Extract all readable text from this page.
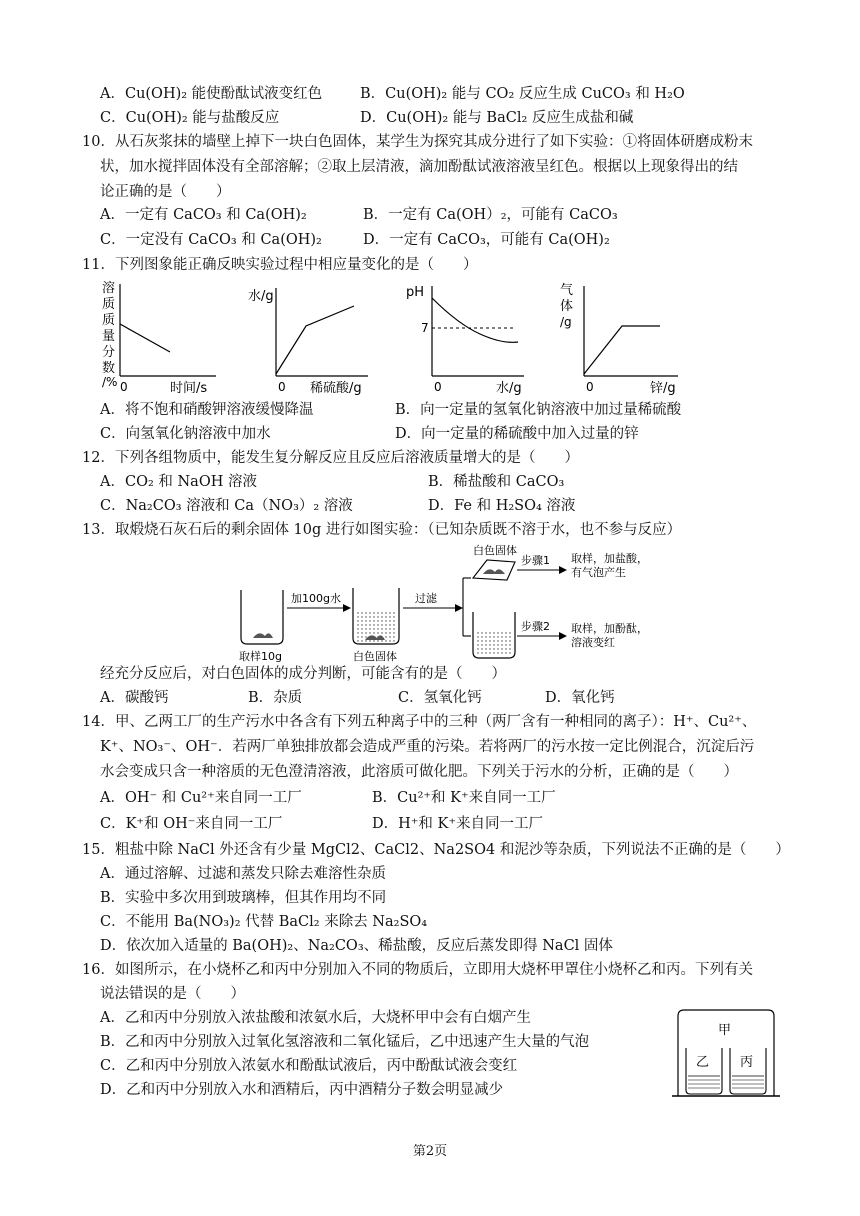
A．Cu(OH)₂ 能使酚酞试液变红色	B．Cu(OH)₂ 能与 CO₂ 反应生成 CuCO₃ 和 H₂O
C．Cu(OH)₂ 能与盐酸反应	D．Cu(OH)₂ 能与 BaCl₂ 反应生成盐和碱
10．从石灰浆抹的墙壁上掉下一块白色固体，某学生为探究其成分进行了如下实验：①将固体研磨成粉末
状，加水搅拌固体没有全部溶解；②取上层清液，滴加酚酞试液溶液呈红色。根据以上现象得出的结
论正确的是（　　）
A．一定有 CaCO₃ 和 Ca(OH)₂	B．一定有 Ca(OH）₂，可能有 CaCO₃
C．一定没有 CaCO₃ 和 Ca(OH)₂	D．一定有 CaCO₃，可能有 Ca(OH)₂
11．下列图象能正确反映实验过程中相应量变化的是（　　）
溶
质
质
量
分
数
/% 0	时间/s
水/g
0 稀硫酸/g
pH
7
0	水/g
气
体
/g
0	锌/g
A．将不饱和硝酸钾溶液缓慢降温	B．向一定量的氢氧化钠溶液中加过量稀硫酸
C．向氢氧化钠溶液中加水	D．向一定量的稀硫酸中加入过量的锌
12．下列各组物质中，能发生复分解反应且反应后溶液质量增大的是（　　）
A．CO₂ 和 NaOH 溶液	B．稀盐酸和 CaCO₃
C．Na₂CO₃ 溶液和 Ca（NO₃）₂ 溶液	D．Fe 和 H₂SO₄ 溶液
13．取煅烧石灰石后的剩余固体 10g 进行如图实验：（已知杂质既不溶于水，也不参与反应）
取样10g
加100g水
白色固体
过滤
白色固体
步骤1 取样，加盐酸，
有气泡产生
步骤2 取样，加酚酞，
溶液变红
经充分反应后，对白色固体的成分判断，可能含有的是（　　）
A．碳酸钙	B．杂质	C．氢氧化钙	D．氧化钙
14．甲、乙两工厂的生产污水中各含有下列五种离子中的三种（两厂含有一种相同的离子）：H⁺、Cu²⁺、
K⁺、NO₃⁻、OH⁻．若两厂单独排放都会造成严重的污染。若将两厂的污水按一定比例混合，沉淀后污
水会变成只含一种溶质的无色澄清溶液，此溶质可做化肥。下列关于污水的分析，正确的是（　　）
A．OH⁻ 和 Cu²⁺来自同一工厂	B．Cu²⁺和 K⁺来自同一工厂
C．K⁺和 OH⁻来自同一工厂	D．H⁺和 K⁺来自同一工厂
15．粗盐中除 NaCl 外还含有少量 MgCl2、CaCl2、Na2SO4 和泥沙等杂质，下列说法不正确的是（　　）
A．通过溶解、过滤和蒸发只除去难溶性杂质
B．实验中多次用到玻璃棒，但其作用均不同
C．不能用 Ba(NO₃)₂ 代替 BaCl₂ 来除去 Na₂SO₄
D．依次加入适量的 Ba(OH)₂、Na₂CO₃、稀盐酸，反应后蒸发即得 NaCl 固体
16．如图所示，在小烧杯乙和丙中分别加入不同的物质后，立即用大烧杯甲罩住小烧杯乙和丙。下列有关
说法错误的是（　　）
A．乙和丙中分别放入浓盐酸和浓氨水后，大烧杯甲中会有白烟产生
B．乙和丙中分别放入过氧化氢溶液和二氧化锰后，乙中迅速产生大量的气泡
C．乙和丙中分别放入浓氨水和酚酞试液后，丙中酚酞试液会变红
D．乙和丙中分别放入水和酒精后，丙中酒精分子数会明显减少
甲
乙 丙
第2页
